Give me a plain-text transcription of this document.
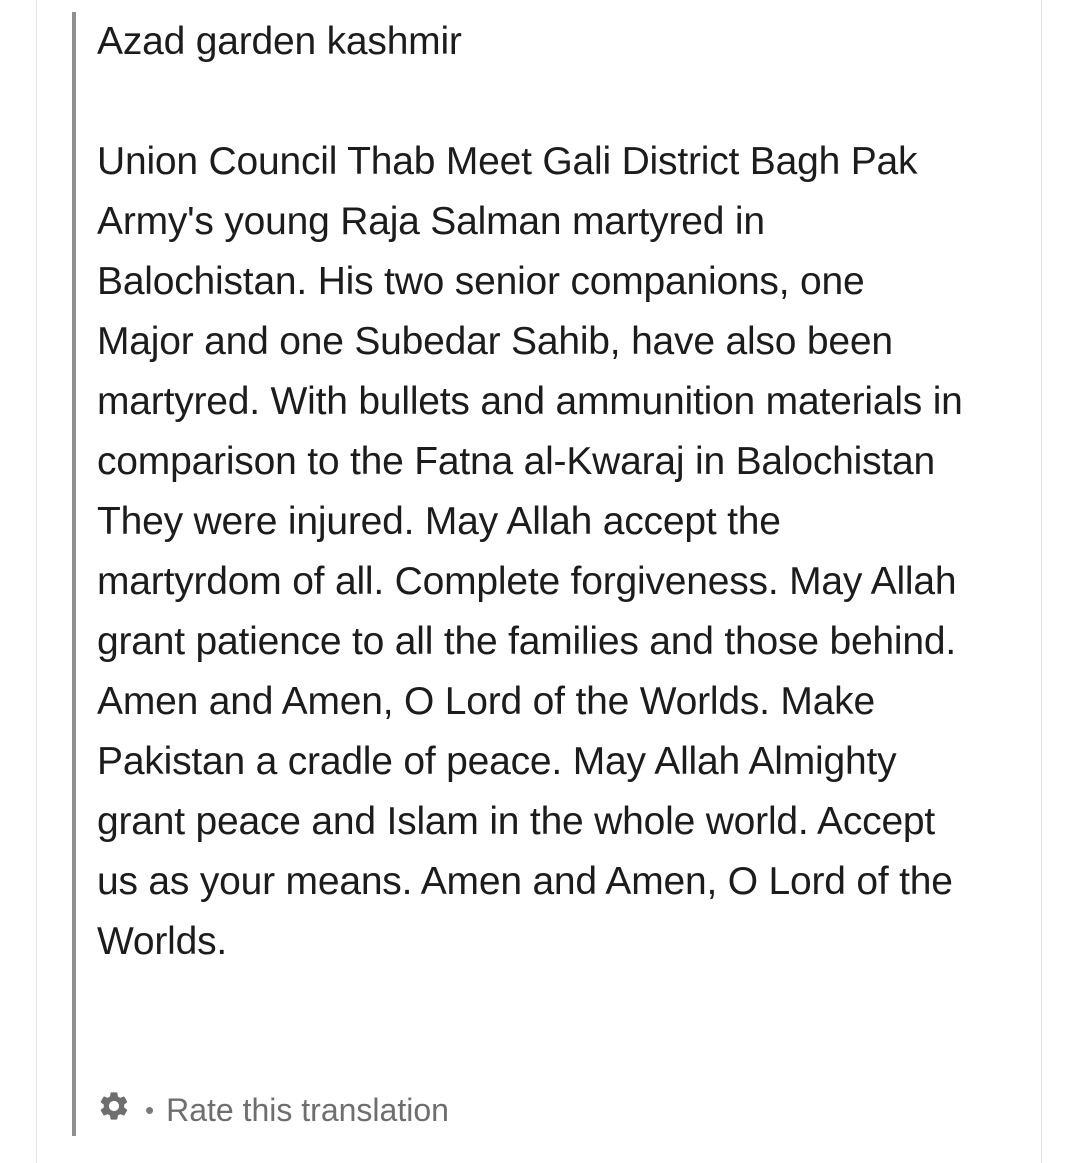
Azad garden kashmir

Union Council Thab Meet Gali District Bagh Pak Army's young Raja Salman martyred in Balochistan. His two senior companions, one Major and one Subedar Sahib, have also been martyred. With bullets and ammunition materials in comparison to the Fatna al-Kwaraj in Balochistan They were injured. May Allah accept the martyrdom of all. Complete forgiveness. May Allah grant patience to all the families and those behind. Amen and Amen, O Lord of the Worlds. Make Pakistan a cradle of peace. May Allah Almighty grant peace and Islam in the whole world. Accept us as your means. Amen and Amen, O Lord of the Worlds.

• Rate this translation
